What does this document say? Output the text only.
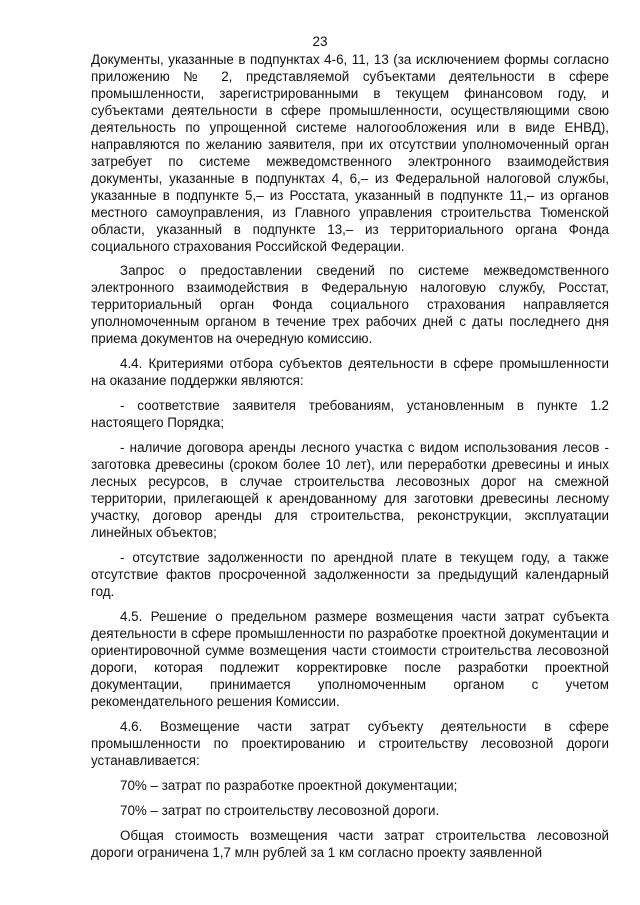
23

Документы, указанные в подпунктах 4-6, 11, 13 (за исключением формы согласно приложению № 2, представляемой субъектами деятельности в сфере промышленности, зарегистрированными в текущем финансовом году, и субъектами деятельности в сфере промышленности, осуществляющими свою деятельность по упрощенной системе налогообложения или в виде ЕНВД), направляются по желанию заявителя, при их отсутствии уполномоченный орган затребует по системе межведомственного электронного взаимодействия документы, указанные в подпунктах 4, 6,– из Федеральной налоговой службы, указанные в подпункте 5,– из Росстата, указанный в подпункте 11,– из органов местного самоуправления, из Главного управления строительства Тюменской области, указанный в подпункте 13,– из территориального органа Фонда социального страхования Российской Федерации.

Запрос о предоставлении сведений по системе межведомственного электронного взаимодействия в Федеральную налоговую службу, Росстат, территориальный орган Фонда социального страхования направляется уполномоченным органом в течение трех рабочих дней с даты последнего дня приема документов на очередную комиссию.

4.4. Критериями отбора субъектов деятельности в сфере промышленности на оказание поддержки являются:

- соответствие заявителя требованиям, установленным в пункте 1.2 настоящего Порядка;

- наличие договора аренды лесного участка с видом использования лесов - заготовка древесины (сроком более 10 лет), или переработки древесины и иных лесных ресурсов, в случае строительства лесовозных дорог на смежной территории, прилегающей к арендованному для заготовки древесины лесному участку, договор аренды для строительства, реконструкции, эксплуатации линейных объектов;

- отсутствие задолженности по арендной плате в текущем году, а также отсутствие фактов просроченной задолженности за предыдущий календарный год.

4.5. Решение о предельном размере возмещения части затрат субъекта деятельности в сфере промышленности по разработке проектной документации и ориентировочной сумме возмещения части стоимости строительства лесовозной дороги, которая подлежит корректировке после разработки проектной документации, принимается уполномоченным органом с учетом рекомендательного решения Комиссии.

4.6. Возмещение части затрат субъекту деятельности в сфере промышленности по проектированию и строительству лесовозной дороги устанавливается:

70% – затрат по разработке проектной документации;

70% – затрат по строительству лесовозной дороги.

Общая стоимость возмещения части затрат строительства лесовозной дороги ограничена 1,7 млн рублей за 1 км согласно проекту заявленной
